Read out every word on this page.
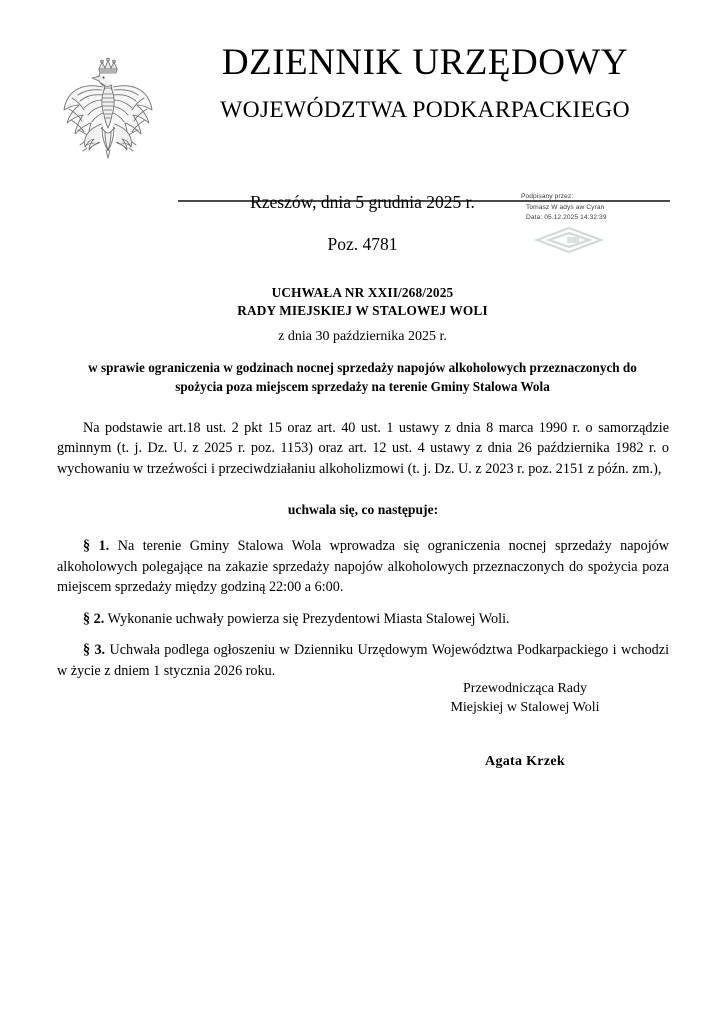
DZIENNIK URZĘDOWY
WOJEWÓDZTWA PODKARPACKIEGO
Rzeszów, dnia 5 grudnia 2025 r.
Poz. 4781
Podpisany przez:
Tomasz W adys aw Cyran
Data: 05.12.2025 14:32:39
UCHWAŁA NR XXII/268/2025
RADY MIEJSKIEJ W STALOWEJ WOLI
z dnia 30 października 2025 r.
w sprawie ograniczenia w godzinach nocnej sprzedaży napojów alkoholowych przeznaczonych do
spożycia poza miejscem sprzedaży na terenie Gminy Stalowa Wola

Na podstawie art.18 ust. 2 pkt 15 oraz art. 40 ust. 1 ustawy z dnia 8 marca 1990 r. o samorządzie gminnym (t. j. Dz. U. z 2025 r. poz. 1153) oraz art. 12 ust. 4 ustawy z dnia 26 października 1982 r. o wychowaniu w trzeźwości i przeciwdziałaniu alkoholizmowi (t. j. Dz. U. z 2023 r. poz. 2151 z późn. zm.),

uchwala się, co następuje:

§ 1. Na terenie Gminy Stalowa Wola wprowadza się ograniczenia nocnej sprzedaży napojów alkoholowych polegające na zakazie sprzedaży napojów alkoholowych przeznaczonych do spożycia poza miejscem sprzedaży między godziną 22:00 a 6:00.

§ 2. Wykonanie uchwały powierza się Prezydentowi Miasta Stalowej Woli.

§ 3. Uchwała podlega ogłoszeniu w Dzienniku Urzędowym Województwa Podkarpackiego i wchodzi w życie z dniem 1 stycznia 2026 roku.

Przewodnicząca Rady
Miejskiej w Stalowej Woli
Agata Krzek
